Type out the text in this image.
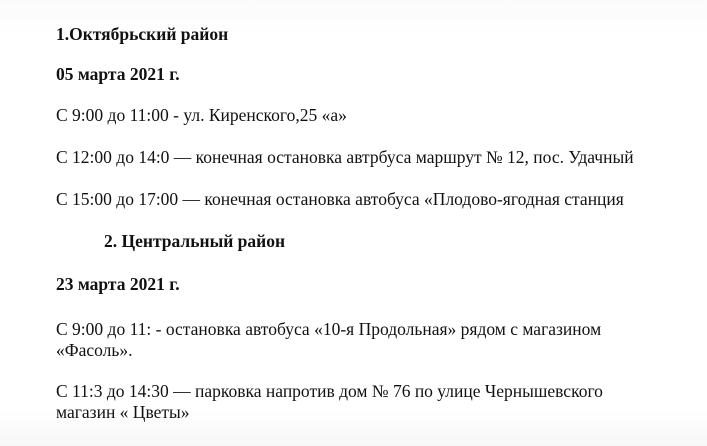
1.Октябрьский район
05 марта 2021 г.
С 9:00 до 11:00 - ул. Киренского,25 «а»
С 12:00 до 14:0 — конечная остановка автрбуса маршрут № 12, пос. Удачный
С 15:00 до 17:00 — конечная остановка автобуса «Плодово-ягодная станция
2. Центральный район
23 марта 2021 г.
С 9:00 до 11: - остановка автобуса «10-я Продольная» рядом с магазином
«Фасоль».
С 11:3 до 14:30 — парковка напротив дом № 76 по улице Чернышевского
магазин « Цветы»
